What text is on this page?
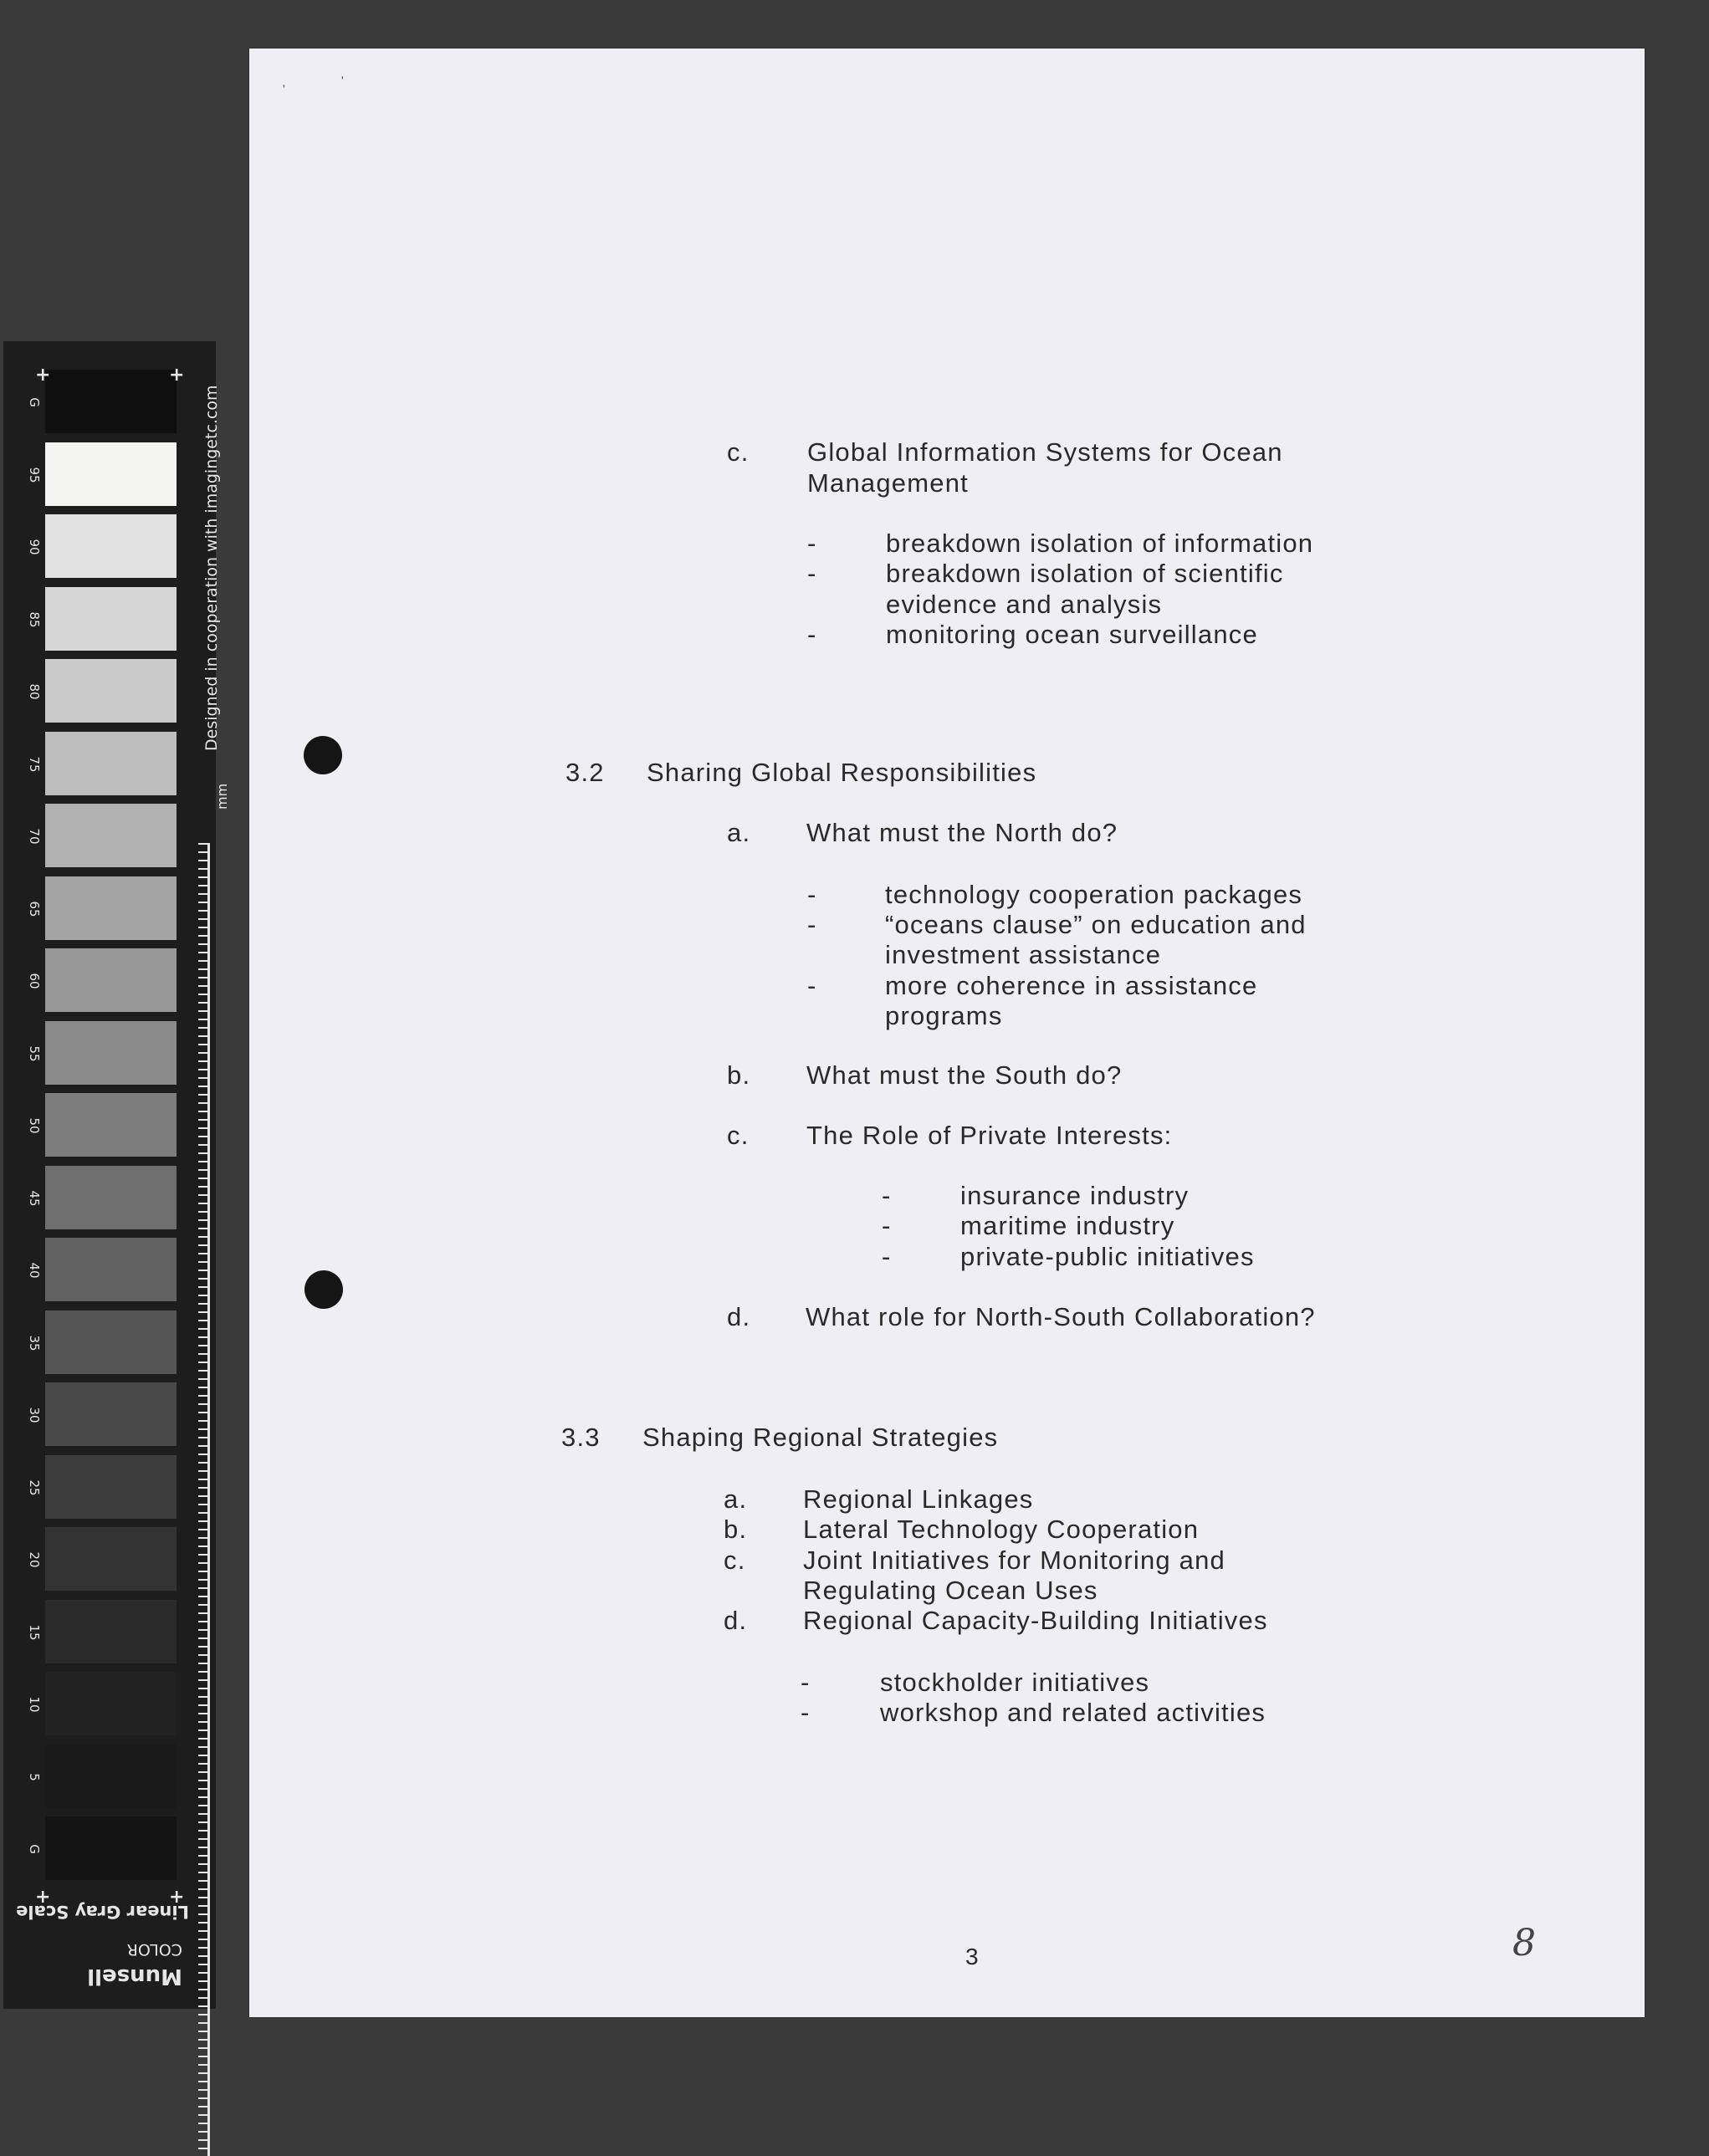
G
95
90
85
80
75
70
65
60
55
50
45
40
35
30
25
20
15
10
5
G
+	+
+	+
mm
Designed in cooperation with imagingetc.com
Linear Gray Scale
Munsell
COLOR
'
'
c. Global Information Systems for Ocean
Management
-	breakdown isolation of information
-	breakdown isolation of scientific
evidence and analysis
-	monitoring ocean surveillance
3.2 Sharing Global Responsibilities
a. What must the North do?
-	technology cooperation packages
-	“oceans clause” on education and
investment assistance
-	more coherence in assistance
programs
b. What must the South do?
c. The Role of Private Interests:
-	insurance industry
-	maritime industry
-	private-public initiatives
d. What role for North-South Collaboration?
3.3 Shaping Regional Strategies
a. Regional Linkages
b. Lateral Technology Cooperation
c. Joint Initiatives for Monitoring and
Regulating Ocean Uses
d. Regional Capacity-Building Initiatives
-	stockholder initiatives
-	workshop and related activities
3	8
